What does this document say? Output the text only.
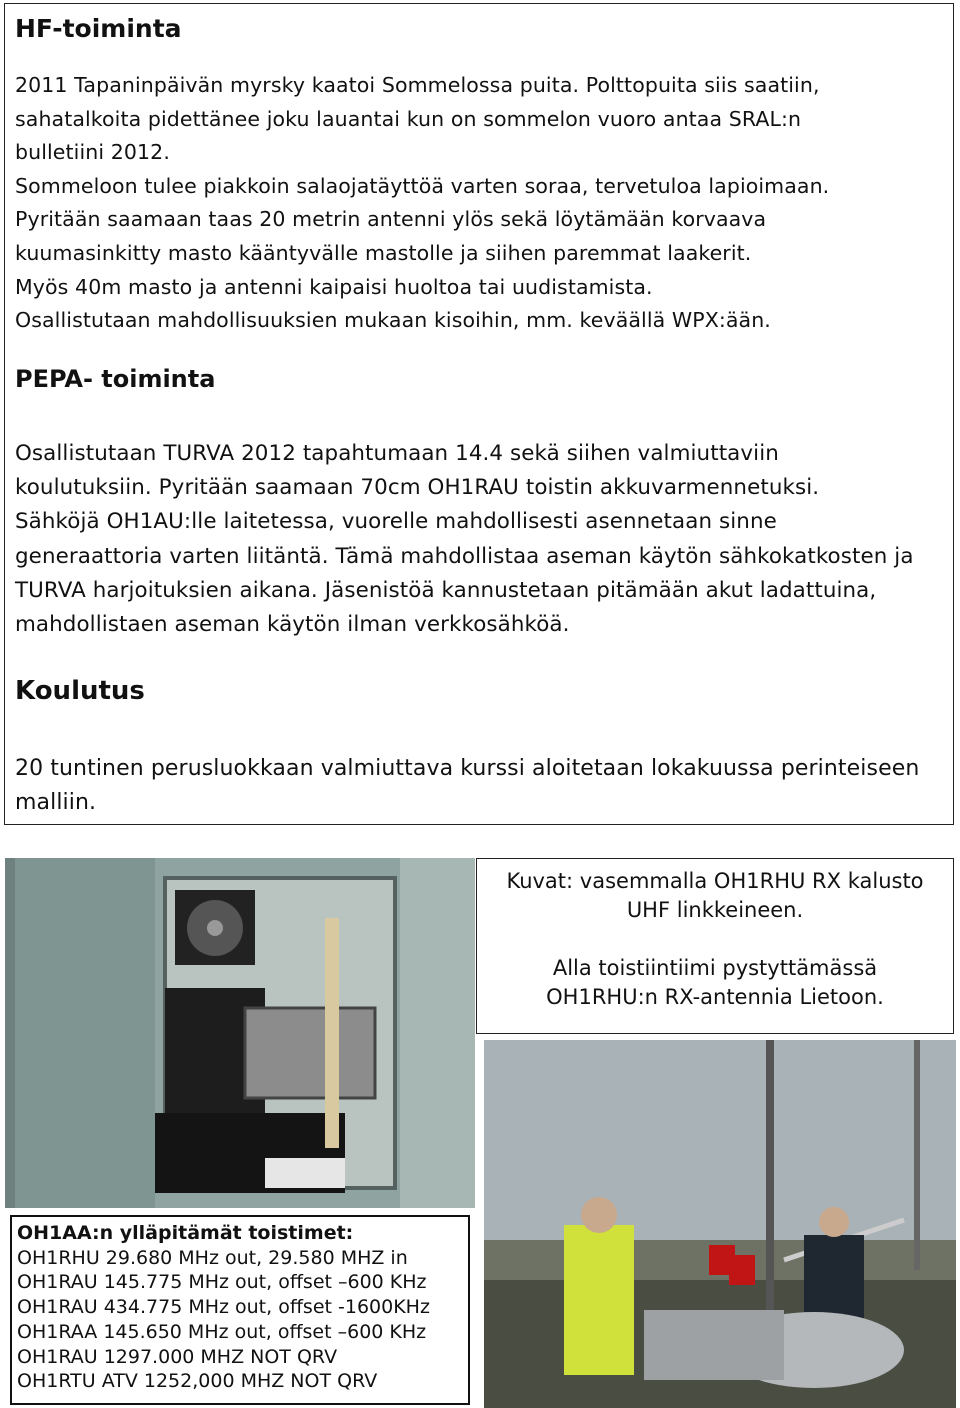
HF-toiminta

2011 Tapaninpäivän myrsky kaatoi Sommelossa puita. Polttopuita siis saatiin,
sahatalkoita pidettänee joku lauantai kun on sommelon vuoro antaa SRAL:n
bulletiini 2012.
Sommeloon tulee piakkoin salaojatäyttöä varten soraa, tervetuloa lapioimaan.
Pyritään saamaan taas 20 metrin antenni ylös sekä löytämään korvaava
kuumasinkitty masto kääntyvälle mastolle ja siihen paremmat laakerit.
Myös 40m masto ja antenni kaipaisi huoltoa tai uudistamista.
Osallistutaan mahdollisuuksien mukaan kisoihin, mm. keväällä WPX:ään.

PEPA- toiminta

Osallistutaan TURVA 2012 tapahtumaan 14.4 sekä siihen valmiuttaviin
koulutuksiin. Pyritään saamaan 70cm OH1RAU toistin akkuvarmennetuksi.
Sähköjä OH1AU:lle laitetessa, vuorelle mahdollisesti asennetaan sinne
generaattoria varten liitäntä. Tämä mahdollistaa aseman käytön sähkokatkosten ja
TURVA harjoituksien aikana. Jäsenistöä kannustetaan pitämään akut ladattuina,
mahdollistaen aseman käytön ilman verkkosähköä.

Koulutus

20 tuntinen perusluokkaan valmiuttava kurssi aloitetaan lokakuussa perinteiseen
malliin.

Kuvat: vasemmalla OH1RHU RX kalusto
UHF linkkeineen.
Alla toistiintiimi pystyttämässä
OH1RHU:n RX-antennia Lietoon.
OH1AA:n ylläpitämät toistimet:
OH1RHU 29.680 MHz out, 29.580 MHZ in
OH1RAU 145.775 MHz out, offset –600 KHz
OH1RAU 434.775 MHz out, offset -1600KHz
OH1RAA 145.650 MHz out, offset –600 KHz
OH1RAU 1297.000 MHZ NOT QRV
OH1RTU ATV 1252,000 MHZ NOT QRV
